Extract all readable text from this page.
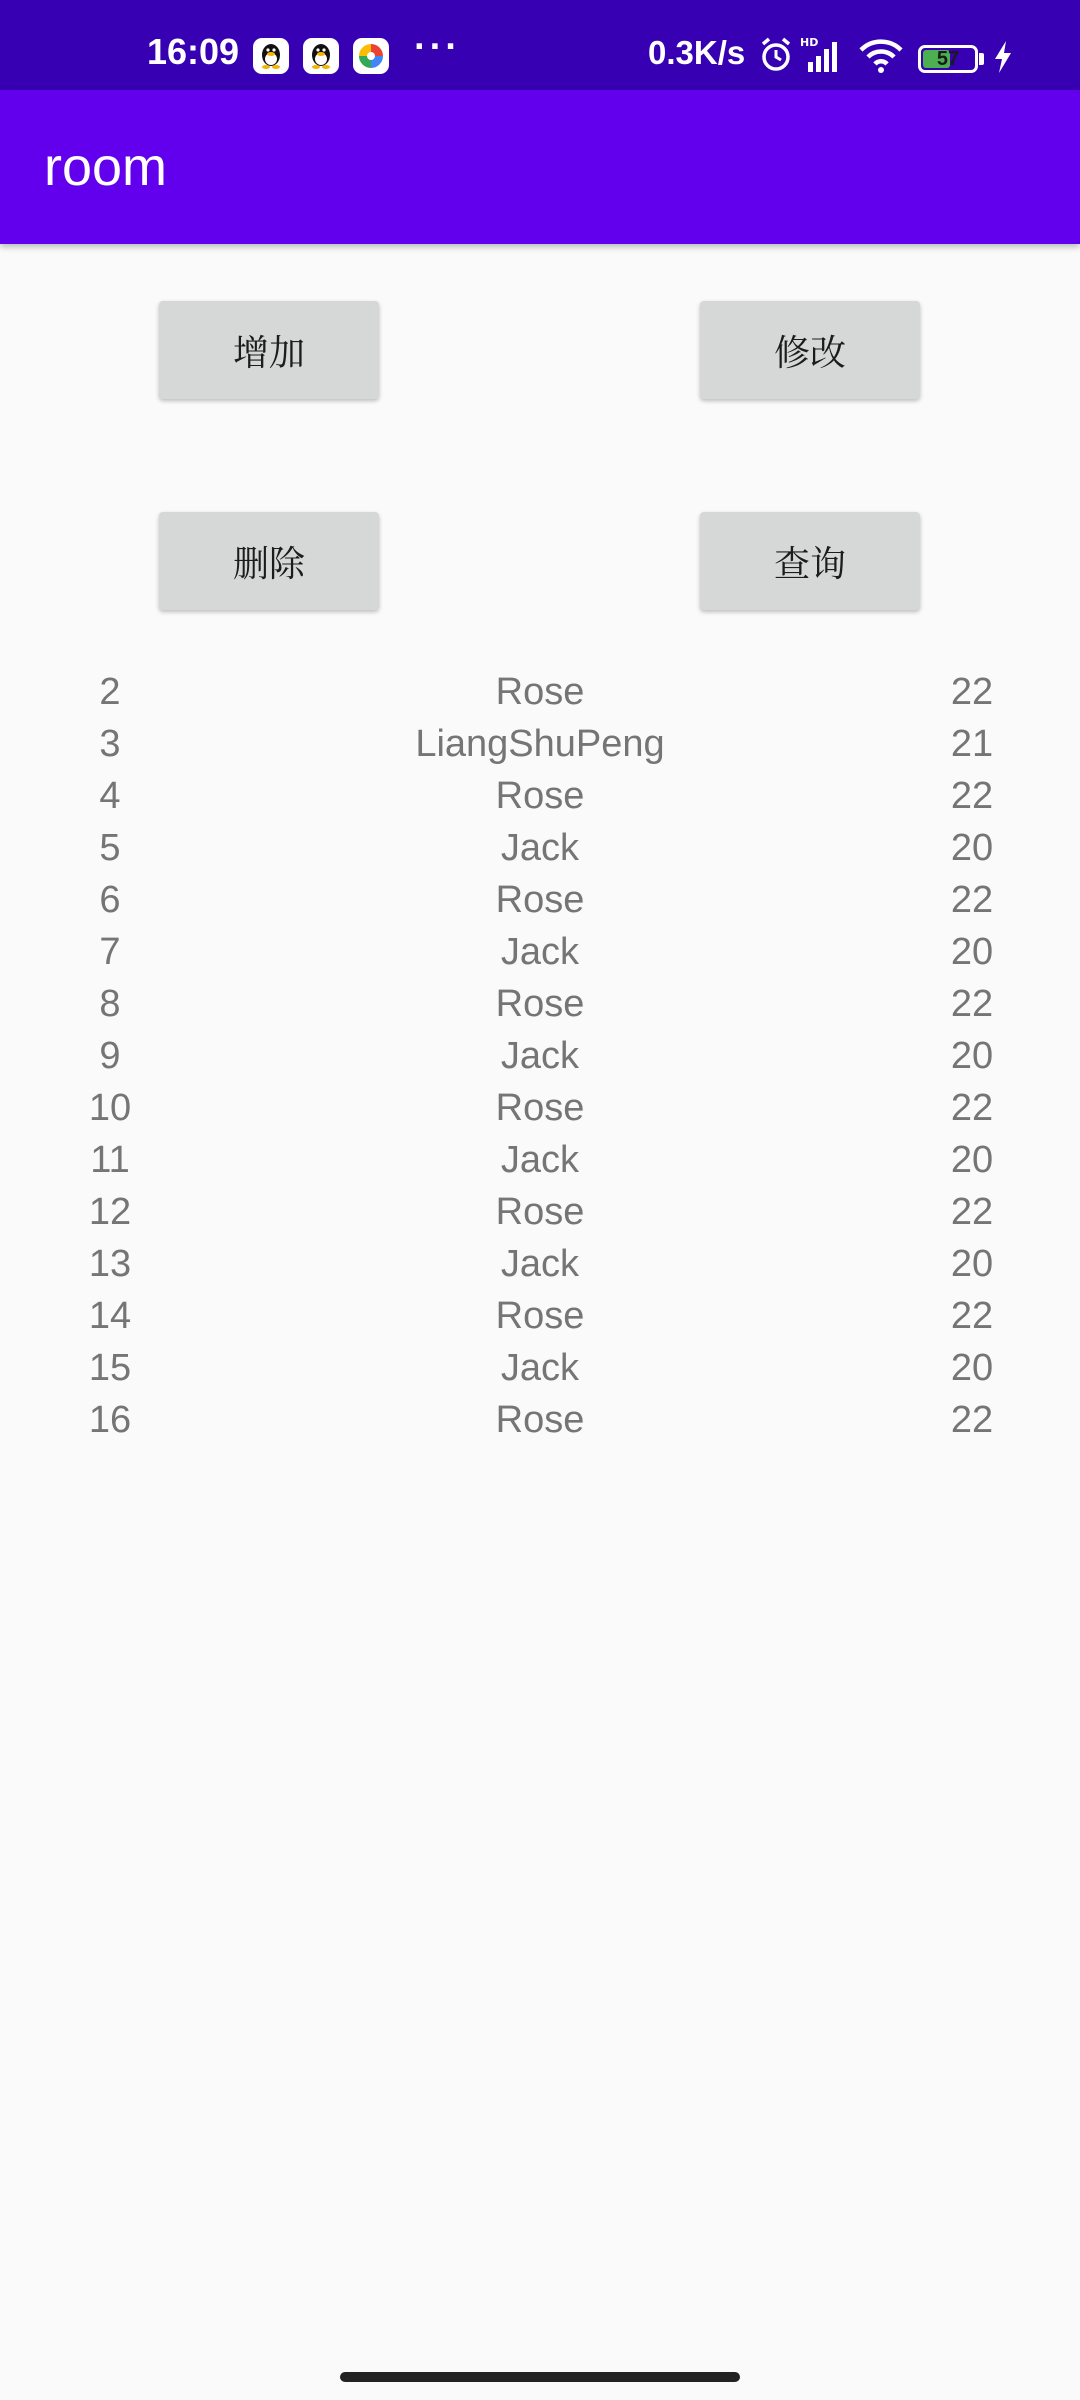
16:09	···	0.3K/s	HD
57
room
增加	修改
删除	查询
2	Rose	22
3	LiangShuPeng	21
4	Rose	22
5	Jack	20
6	Rose	22
7	Jack	20
8	Rose	22
9	Jack	20
10	Rose	22
11	Jack	20
12	Rose	22
13	Jack	20
14	Rose	22
15	Jack	20
16	Rose	22
